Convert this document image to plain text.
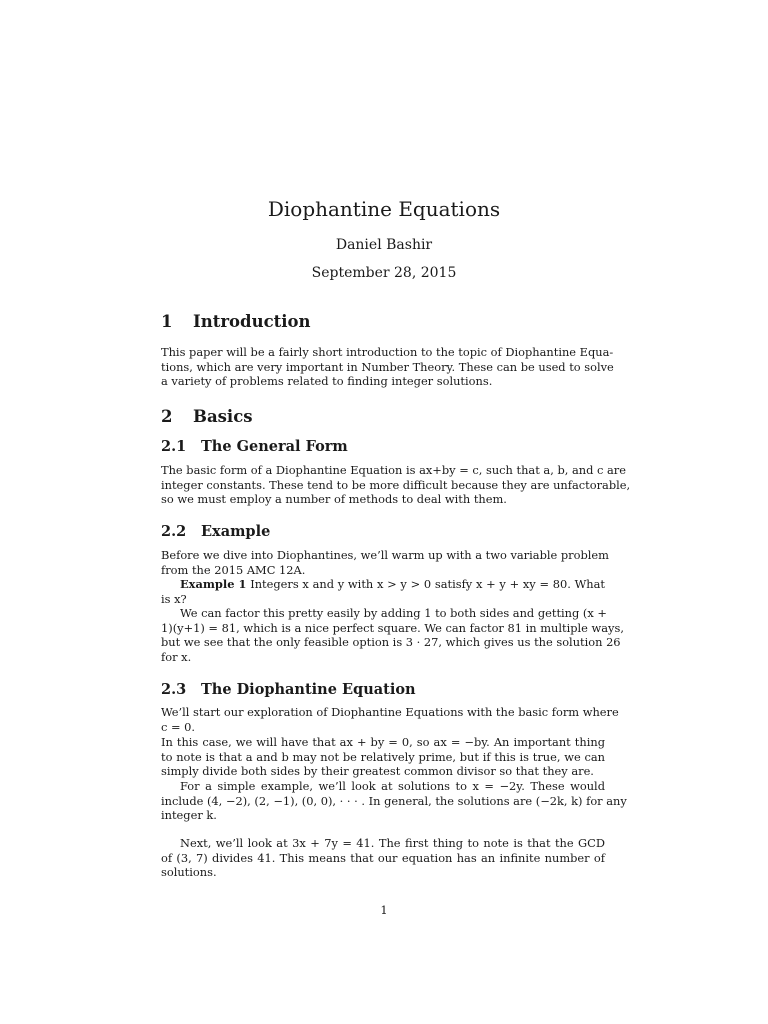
Diophantine Equations
Daniel Bashir
September 28, 2015
1 Introduction
This paper will be a fairly short introduction to the topic of Diophantine Equa-
tions, which are very important in Number Theory. These can be used to solve
a variety of problems related to finding integer solutions.
2 Basics
2.1 The General Form
The basic form of a Diophantine Equation is ax+by = c, such that a, b, and c are
integer constants. These tend to be more difficult because they are unfactorable,
so we must employ a number of methods to deal with them.
2.2 Example
Before we dive into Diophantines, we’ll warm up with a two variable problem
from the 2015 AMC 12A.
Example 1 Integers x and y with x > y > 0 satisfy x + y + xy = 80. What
is x?
We can factor this pretty easily by adding 1 to both sides and getting (x +
1)(y+1) = 81, which is a nice perfect square. We can factor 81 in multiple ways,
but we see that the only feasible option is 3 · 27, which gives us the solution 26
for x.
2.3 The Diophantine Equation
We’ll start our exploration of Diophantine Equations with the basic form where
c = 0.
In this case, we will have that ax + by = 0, so ax = −by. An important thing
to note is that a and b may not be relatively prime, but if this is true, we can
simply divide both sides by their greatest common divisor so that they are.
For a simple example, we’ll look at solutions to x = −2y. These would
include (4, −2), (2, −1), (0, 0), · · · . In general, the solutions are (−2k, k) for any
integer k.
Next, we’ll look at 3x + 7y = 41. The first thing to note is that the GCD
of (3, 7) divides 41. This means that our equation has an infinite number of
solutions.
1
